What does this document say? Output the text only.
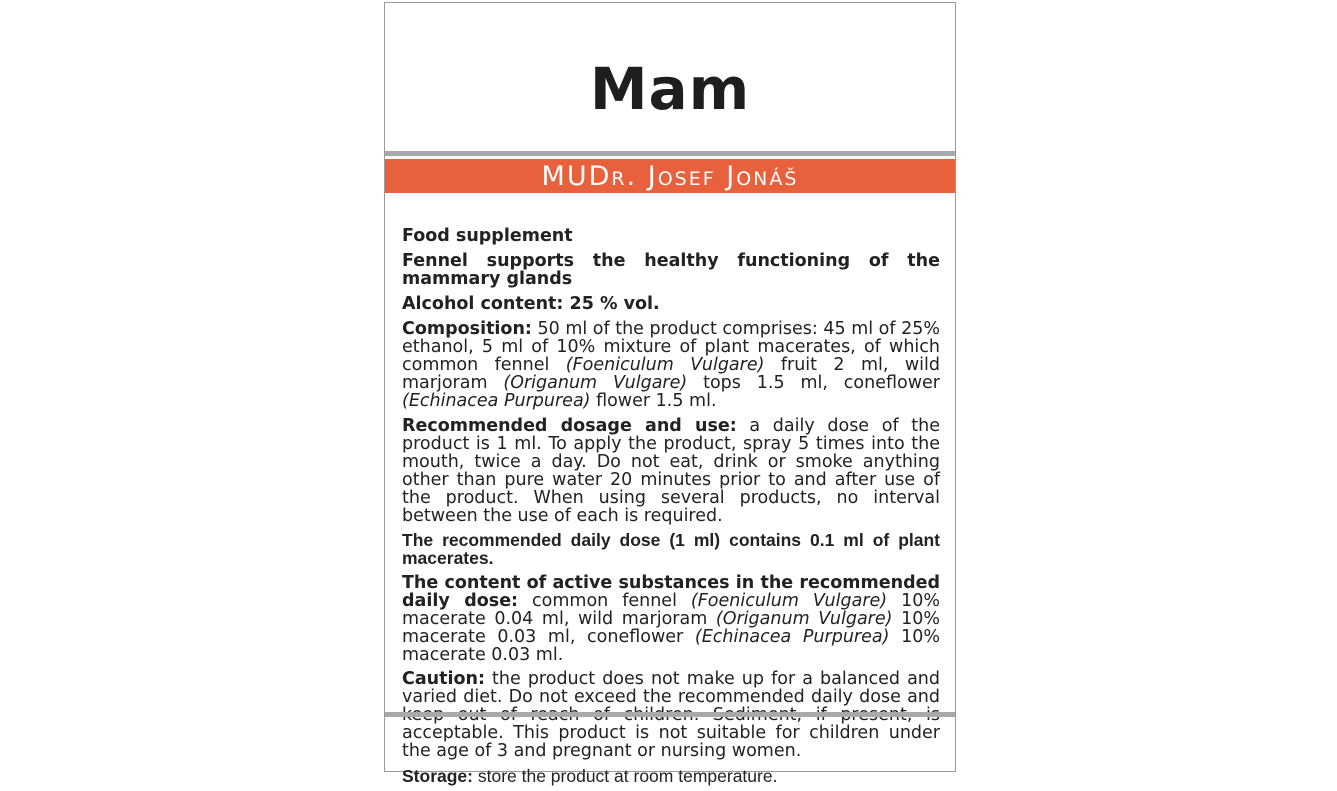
Mam
MUDr. Josef Jonáš

Food supplement

Fennel supports the healthy functioning of the mammary glands

Alcohol content: 25 % vol.

Composition: 50 ml of the product comprises: 45 ml of 25% ethanol, 5 ml of 10% mixture of plant macerates, of which common fennel (Foeniculum Vulgare) fruit 2 ml, wild marjoram (Origanum Vulgare) tops 1.5 ml, coneflower (Echinacea Purpurea) flower 1.5 ml.

Recommended dosage and use: a daily dose of the product is 1 ml. To apply the product, spray 5 times into the mouth, twice a day. Do not eat, drink or smoke anything other than pure water 20 minutes prior to and after use of the product. When using several products, no interval between the use of each is required.

The recommended daily dose (1 ml) contains 0.1 ml of plant macerates.

The content of active substances in the recommended daily dose: common fennel (Foeniculum Vulgare) 10% macerate 0.04 ml, wild marjoram (Origanum Vulgare) 10% macerate 0.03 ml, coneflower (Echinacea Purpurea) 10% macerate 0.03 ml.

Caution: the product does not make up for a balanced and varied diet. Do not exceed the recommended daily dose and acceptable. This product is not suitable for children under the age of 3 and pregnant or nursing women.

Storage: store the product at room temperature.
